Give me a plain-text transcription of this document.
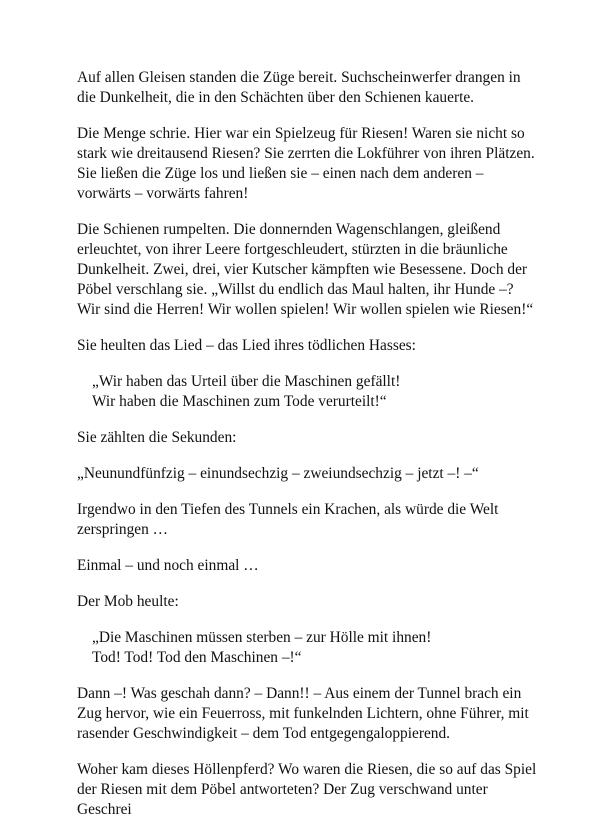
Auf allen Gleisen standen die Züge bereit. Suchscheinwerfer drangen in die Dunkelheit, die in den Schächten über den Schienen kauerte.

Die Menge schrie. Hier war ein Spielzeug für Riesen! Waren sie nicht so stark wie dreitausend Riesen? Sie zerrten die Lokführer von ihren Plätzen. Sie ließen die Züge los und ließen sie – einen nach dem anderen – vorwärts – vorwärts fahren!

Die Schienen rumpelten. Die donnernden Wagenschlangen, gleißend erleuchtet, von ihrer Leere fortgeschleudert, stürzten in die bräunliche Dunkelheit. Zwei, drei, vier Kutscher kämpften wie Besessene. Doch der Pöbel verschlang sie. „Willst du endlich das Maul halten, ihr Hunde –? Wir sind die Herren! Wir wollen spielen! Wir wollen spielen wie Riesen!“

Sie heulten das Lied – das Lied ihres tödlichen Hasses:

„Wir haben das Urteil über die Maschinen gefällt!
Wir haben die Maschinen zum Tode verurteilt!“

Sie zählten die Sekunden:

„Neunundfünfzig – einundsechzig – zweiundsechzig – jetzt –! –“

Irgendwo in den Tiefen des Tunnels ein Krachen, als würde die Welt zerspringen …

Einmal – und noch einmal …

Der Mob heulte:

„Die Maschinen müssen sterben – zur Hölle mit ihnen!
Tod! Tod! Tod den Maschinen –!“

Dann –! Was geschah dann? – Dann!! – Aus einem der Tunnel brach ein Zug hervor, wie ein Feuerross, mit funkelnden Lichtern, ohne Führer, mit rasender Geschwindigkeit – dem Tod entgegengaloppierend.

Woher kam dieses Höllenpferd? Wo waren die Riesen, die so auf das Spiel der Riesen mit dem Pöbel antworteten? Der Zug verschwand unter Geschrei
